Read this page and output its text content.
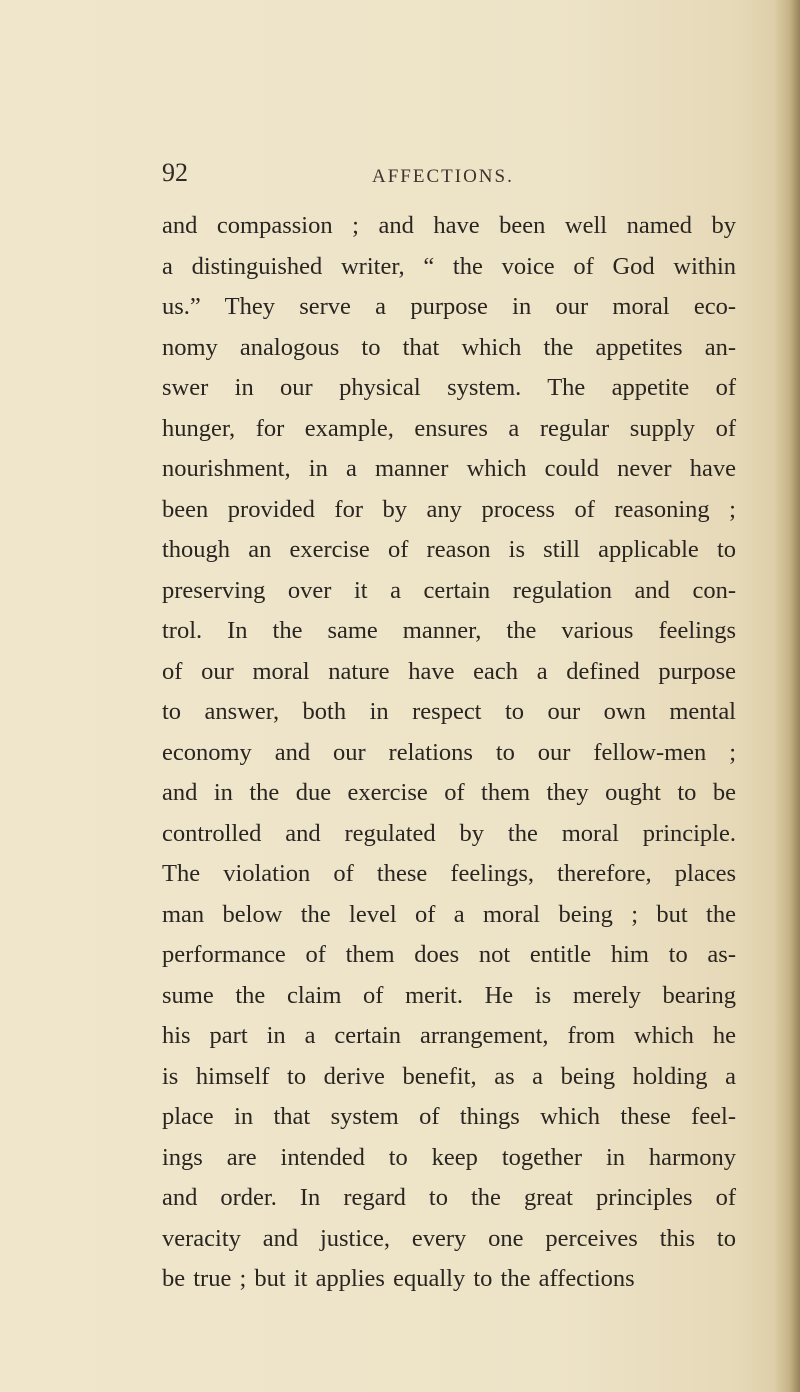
92	AFFECTIONS.
and compassion ; and have been well named by
a distinguished writer, “ the voice of God within
us.” They serve a purpose in our moral eco-
nomy analogous to that which the appetites an-
swer in our physical system. The appetite of
hunger, for example, ensures a regular supply of
nourishment, in a manner which could never have
been provided for by any process of reasoning ;
though an exercise of reason is still applicable to
preserving over it a certain regulation and con-
trol. In the same manner, the various feelings
of our moral nature have each a defined purpose
to answer, both in respect to our own mental
economy and our relations to our fellow-men ;
and in the due exercise of them they ought to be
controlled and regulated by the moral principle.
The violation of these feelings, therefore, places
man below the level of a moral being ; but the
performance of them does not entitle him to as-
sume the claim of merit. He is merely bearing
his part in a certain arrangement, from which he
is himself to derive benefit, as a being holding a
place in that system of things which these feel-
ings are intended to keep together in harmony
and order. In regard to the great principles of
veracity and justice, every one perceives this to
be true ; but it applies equally to the affections
